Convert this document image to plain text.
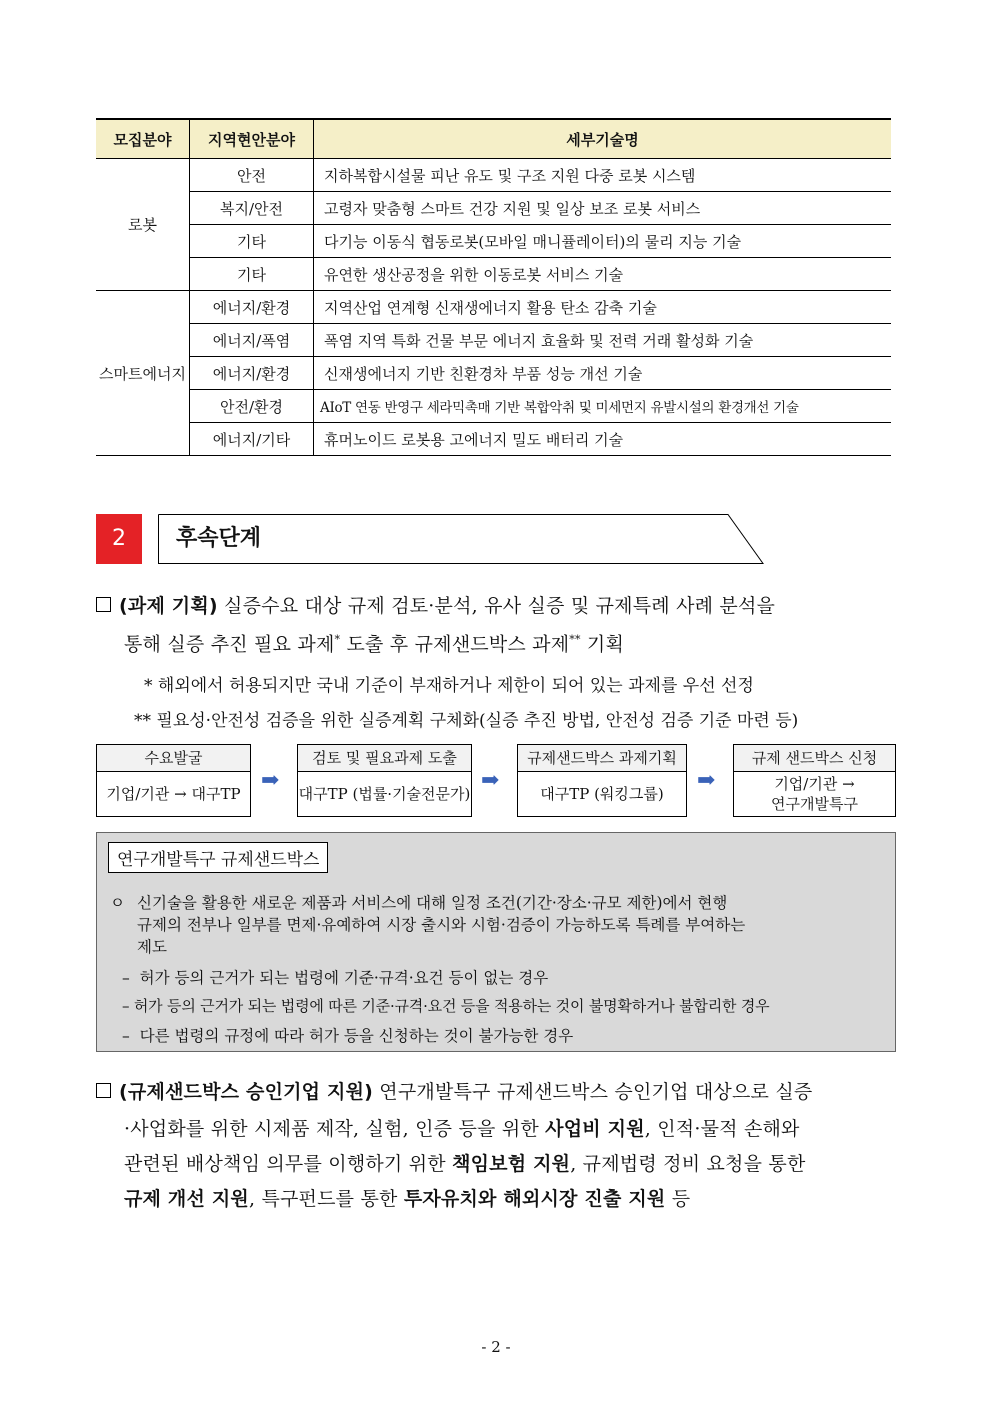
모집분야	지역현안분야	세부기술명
로봇	안전	지하복합시설물 피난 유도 및 구조 지원 다중 로봇 시스템
	복지/안전	고령자 맞춤형 스마트 건강 지원 및 일상 보조 로봇 서비스
	기타	다기능 이동식 협동로봇(모바일 매니퓰레이터)의 물리 지능 기술
	기타	유연한 생산공정을 위한 이동로봇 서비스 기술
스마트에너지	에너지/환경	지역산업 연계형 신재생에너지 활용 탄소 감축 기술
	에너지/폭염	폭염 지역 특화 건물 부문 에너지 효율화 및 전력 거래 활성화 기술
	에너지/환경	신재생에너지 기반 친환경차 부품 성능 개선 기술
	안전/환경	AIoT 연동 반영구 세라믹촉매 기반 복합악취 및 미세먼지 유발시설의 환경개선 기술
	에너지/기타	휴머노이드 로봇용 고에너지 밀도 배터리 기술
2	후속단계
(과제 기획) 실증수요 대상 규제 검토·분석, 유사 실증 및 규제특례 사례 분석을
통해 실증 추진 필요 과제* 도출 후 규제샌드박스 과제** 기획
* 해외에서 허용되지만 국내 기준이 부재하거나 제한이 되어 있는 과제를 우선 선정
** 필요성·안전성 검증을 위한 실증계획 구체화(실증 추진 방법, 안전성 검증 기준 마련 등)
수요발굴
기업/기관 → 대구TP
➡
검토 및 필요과제 도출
대구TP (법률·기술전문가)
➡
규제샌드박스 과제기획
대구TP (워킹그룹)
➡
규제 샌드박스 신청
기업/기관 →
연구개발특구
연구개발특구 규제샌드박스
ㅇ 신기술을 활용한 새로운 제품과 서비스에 대해 일정 조건(기간·장소·규모 제한)에서 현행
규제의 전부나 일부를 면제·유예하여 시장 출시와 시험·검증이 가능하도록 특례를 부여하는
제도
– 허가 등의 근거가 되는 법령에 기준·규격·요건 등이 없는 경우
– 허가 등의 근거가 되는 법령에 따른 기준·규격·요건 등을 적용하는 것이 불명확하거나 불합리한 경우
– 다른 법령의 규정에 따라 허가 등을 신청하는 것이 불가능한 경우
(규제샌드박스 승인기업 지원) 연구개발특구 규제샌드박스 승인기업 대상으로 실증
·사업화를 위한 시제품 제작, 실험, 인증 등을 위한 사업비 지원, 인적·물적 손해와
관련된 배상책임 의무를 이행하기 위한 책임보험 지원, 규제법령 정비 요청을 통한
규제 개선 지원, 특구펀드를 통한 투자유치와 해외시장 진출 지원 등
- 2 -
